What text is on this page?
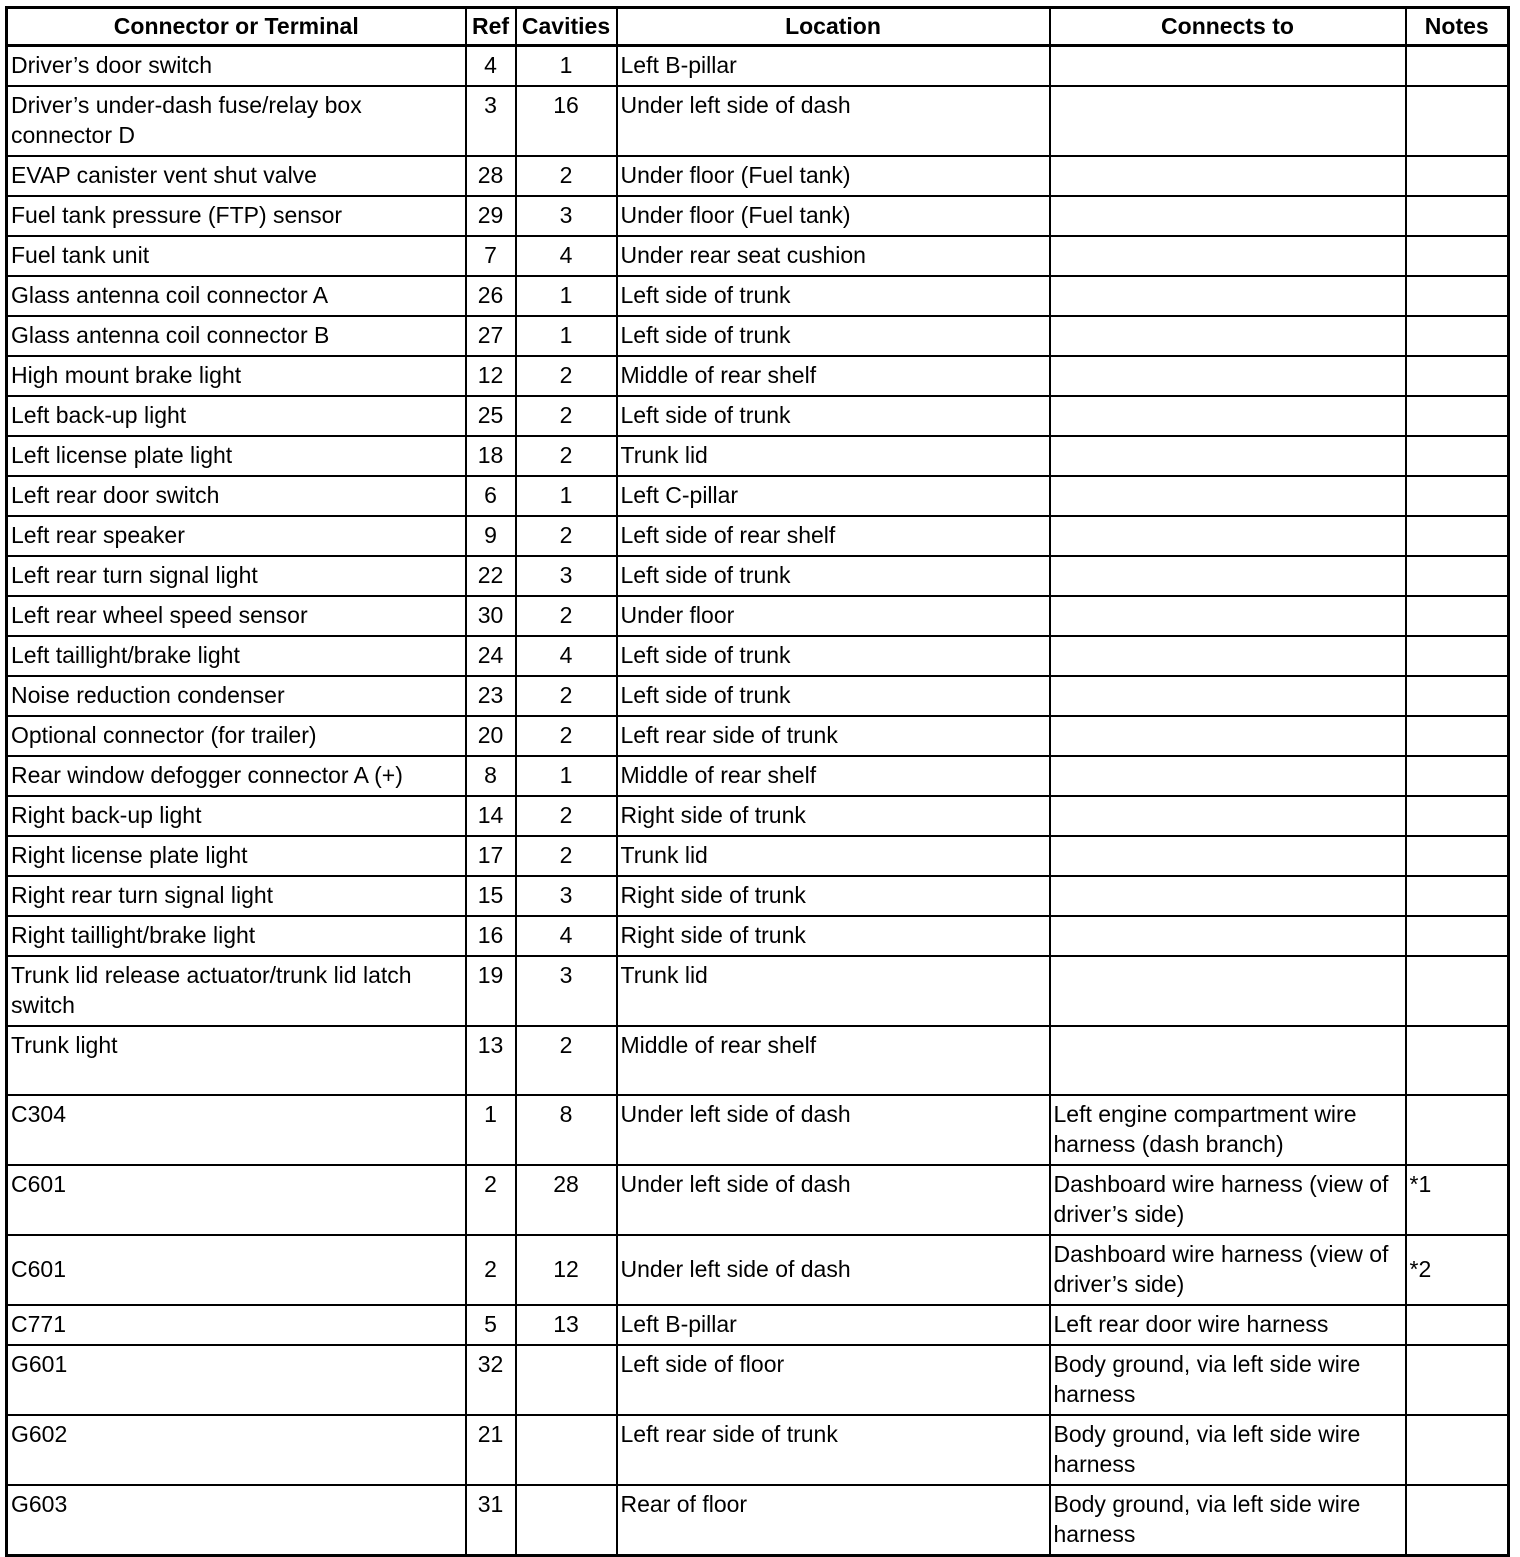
Connector or Terminal	Ref	Cavities	Location	Connects to	Notes
Driver’s door switch	4	1	Left B-pillar		
Driver’s under-dash fuse/relay box connector D	3	16	Under left side of dash		
EVAP canister vent shut valve	28	2	Under floor (Fuel tank)		
Fuel tank pressure (FTP) sensor	29	3	Under floor (Fuel tank)		
Fuel tank unit	7	4	Under rear seat cushion		
Glass antenna coil connector A	26	1	Left side of trunk		
Glass antenna coil connector B	27	1	Left side of trunk		
High mount brake light	12	2	Middle of rear shelf		
Left back-up light	25	2	Left side of trunk		
Left license plate light	18	2	Trunk lid		
Left rear door switch	6	1	Left C-pillar		
Left rear speaker	9	2	Left side of rear shelf		
Left rear turn signal light	22	3	Left side of trunk		
Left rear wheel speed sensor	30	2	Under floor		
Left taillight/brake light	24	4	Left side of trunk		
Noise reduction condenser	23	2	Left side of trunk		
Optional connector (for trailer)	20	2	Left rear side of trunk		
Rear window defogger connector A (+)	8	1	Middle of rear shelf		
Right back-up light	14	2	Right side of trunk		
Right license plate light	17	2	Trunk lid		
Right rear turn signal light	15	3	Right side of trunk		
Right taillight/brake light	16	4	Right side of trunk		
Trunk lid release actuator/trunk lid latch switch	19	3	Trunk lid		
Trunk light	13	2	Middle of rear shelf		
C304	1	8	Under left side of dash	Left engine compartment wire harness (dash branch)	
C601	2	28	Under left side of dash	Dashboard wire harness (view of driver’s side)	*1
C601	2	12	Under left side of dash	Dashboard wire harness (view of driver’s side)	*2
C771	5	13	Left B-pillar	Left rear door wire harness	
G601	32		Left side of floor	Body ground, via left side wire harness	
G602	21		Left rear side of trunk	Body ground, via left side wire harness	
G603	31		Rear of floor	Body ground, via left side wire harness	
